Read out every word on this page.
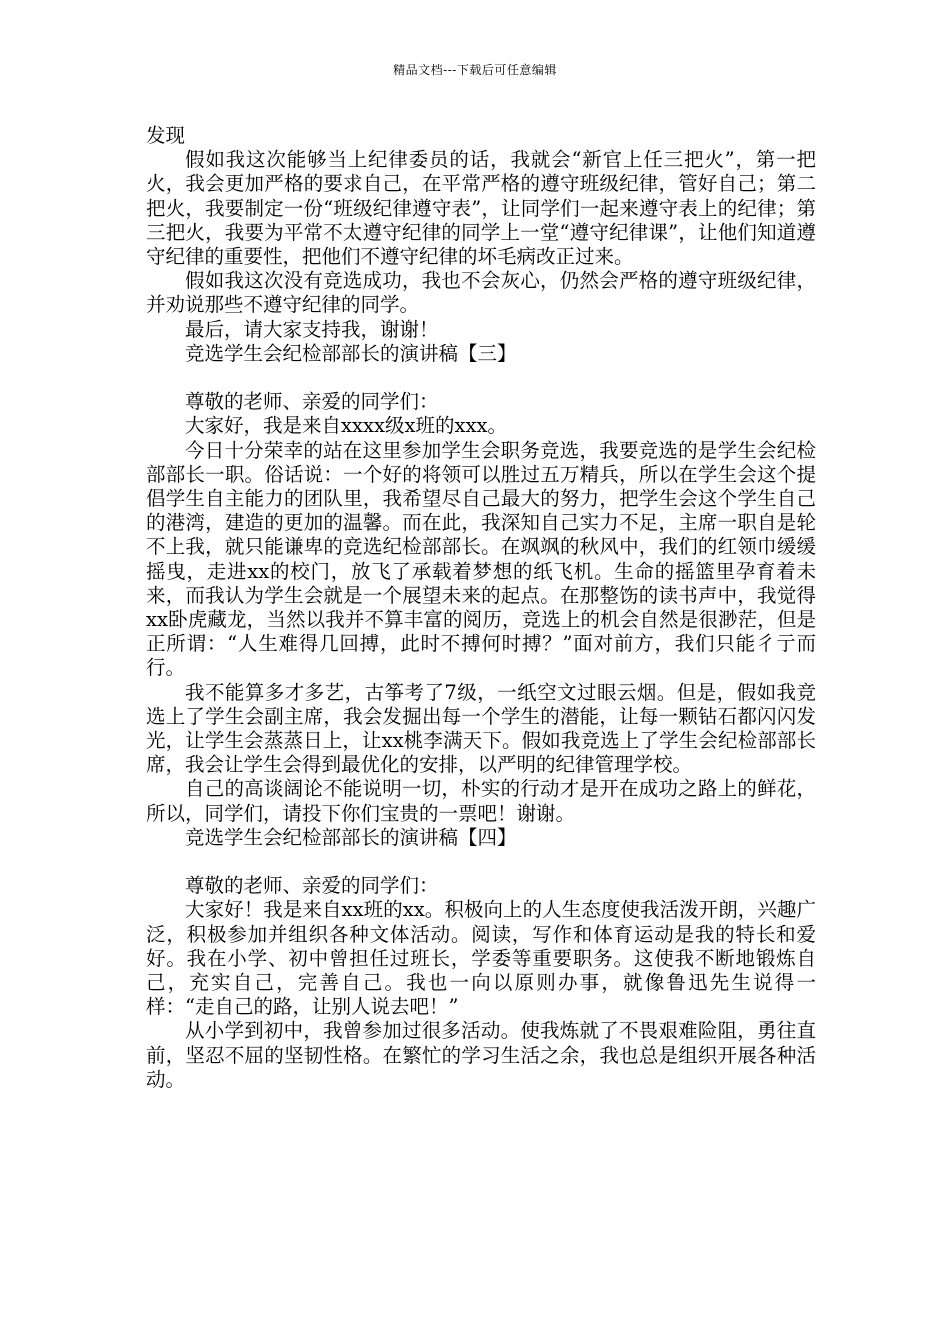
精品文档---下载后可任意编辑

发现

假如我这次能够当上纪律委员的话，我就会“新官上任三把火”，第一把火，我会更加严格的要求自己，在平常严格的遵守班级纪律，管好自己；第二把火，我要制定一份“班级纪律遵守表”，让同学们一起来遵守表上的纪律；第三把火，我要为平常不太遵守纪律的同学上一堂“遵守纪律课”，让他们知道遵守纪律的重要性，把他们不遵守纪律的坏毛病改正过来。

假如我这次没有竞选成功，我也不会灰心，仍然会严格的遵守班级纪律，并劝说那些不遵守纪律的同学。

最后，请大家支持我，谢谢！

竞选学生会纪检部部长的演讲稿【三】

尊敬的老师、亲爱的同学们：

大家好，我是来自xxxx级x班的xxx。

今日十分荣幸的站在这里参加学生会职务竞选，我要竞选的是学生会纪检部部长一职。俗话说：一个好的将领可以胜过五万精兵，所以在学生会这个提倡学生自主能力的团队里，我希望尽自己最大的努力，把学生会这个学生自己的港湾，建造的更加的温馨。而在此，我深知自己实力不足，主席一职自是轮不上我，就只能谦卑的竞选纪检部部长。在飒飒的秋风中，我们的红领巾缓缓摇曳，走进xx的校门，放飞了承载着梦想的纸飞机。生命的摇篮里孕育着未来，而我认为学生会就是一个展望未来的起点。在那整饬的读书声中，我觉得xx卧虎藏龙，当然以我并不算丰富的阅历，竞选上的机会自然是很渺茫，但是正所谓：“人生难得几回搏，此时不搏何时搏？”面对前方，我们只能彳亍而行。

我不能算多才多艺，古筝考了7级，一纸空文过眼云烟。但是，假如我竞选上了学生会副主席，我会发掘出每一个学生的潜能，让每一颗钻石都闪闪发光，让学生会蒸蒸日上，让xx桃李满天下。假如我竞选上了学生会纪检部部长席，我会让学生会得到最优化的安排，以严明的纪律管理学校。

自己的高谈阔论不能说明一切，朴实的行动才是开在成功之路上的鲜花，所以，同学们，请投下你们宝贵的一票吧！谢谢。

竞选学生会纪检部部长的演讲稿【四】

尊敬的老师、亲爱的同学们：

大家好！我是来自xx班的xx。积极向上的人生态度使我活泼开朗，兴趣广泛，积极参加并组织各种文体活动。阅读，写作和体育运动是我的特长和爱好。我在小学、初中曾担任过班长，学委等重要职务。这使我不断地锻炼自己，充实自己，完善自己。我也一向以原则办事，就像鲁迅先生说得一样：“走自己的路，让别人说去吧！”

从小学到初中，我曾参加过很多活动。使我炼就了不畏艰难险阻，勇往直前，坚忍不屈的坚韧性格。在繁忙的学习生活之余，我也总是组织开展各种活动。
